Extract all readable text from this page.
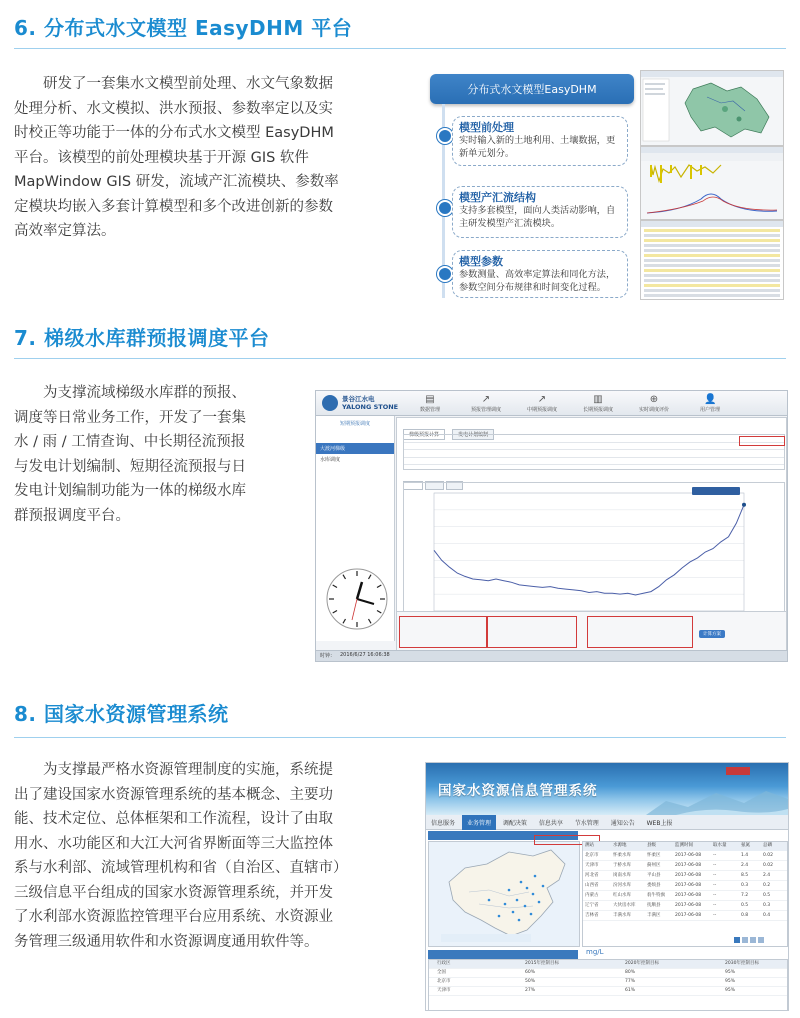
6. 分布式水文模型 EasyDHM 平台

研发了一套集水文模型前处理、水文气象数据
处理分析、水文模拟、洪水预报、参数率定以及实
时校正等功能于一体的分布式水文模型 EasyDHM
平台。该模型的前处理模块基于开源 GIS 软件
MapWindow GIS 研发，流域产汇流模块、参数率
定模块均嵌入多套计算模型和多个改进创新的参数
高效率定算法。

分布式水文模型EasyDHM
模型前处理
实时输入新的土地利用、土壤数据，更新单元划分。
模型产汇流结构
支持多套模型，面向人类活动影响，自主研发模型产汇流模块。
模型参数
参数测量、高效率定算法和同化方法，参数空间分布规律和时间变化过程。
7. 梯级水库群预报调度平台

为支撑流域梯级水库群的预报、
调度等日常业务工作，开发了一套集
水 / 雨 / 工情查询、中长期径流预报
与发电计划编制、短期径流预报与日
发电计划编制功能为一体的梯级水库
群预报调度平台。

景谷江水电
YALONG STONE
▤
数据管理
↗
预报管理调度
↗
中期预报调度
▥
长期预报调度
⊕
实时调度评价
👤
用户管理
短期预报调度
大渡河梯级
水库调度
梯级预报计算	发电计划编制

计算方案
时钟： 2016/6/27 16:06:38
8. 国家水资源管理系统

为支撑最严格水资源管理制度的实施，系统提
出了建设国家水资源管理系统的基本概念、主要功
能、技术定位、总体框架和工作流程，设计了由取
用水、水功能区和大江大河省界断面等三大监控体
系与水利部、流域管理机构和省（自治区、直辖市）
三级信息平台组成的国家水资源管理系统，并开发
了水利部水资源监控管理平台应用系统、水资源业
务管理三级通用软件和水资源调度通用软件等。

国家水资源信息管理系统
信息服务 业务管理 调配决策 信息共享 节水管理 通知公告 WEB上报
测站	水源地	县级	监测时间	取水量	氨氮	总磷
北京市	怀柔水库	怀柔区	2017-06-08	--	1.4	0.02
天津市	于桥水库	蓟州区	2017-06-08	--	2.4	0.02
河北省	岗南水库	平山县	2017-06-08	--	8.5	2.4
山西省	汾河水库	娄烦县	2017-06-08	--	0.3	0.2
内蒙古	红山水库	翁牛特旗 2017-06-08	--	7.2	0.5
辽宁省	大伙房水库	抚顺县	2017-06-08	--	0.5	0.3
吉林省	丰满水库	丰满区	2017-06-08	--	0.8	0.4
mg/L
行政区	2015年控制目标	2020年控制目标	2030年控制目标
全国	60%	80%	95%
北京市	50%	77%	95%
天津市	27%	61%	95%
